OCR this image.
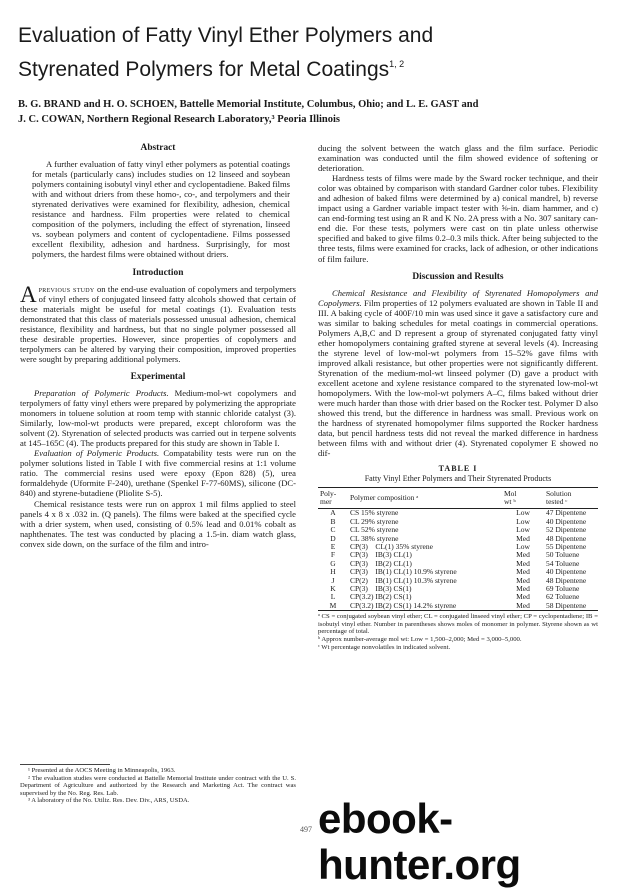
Evaluation of Fatty Vinyl Ether Polymers and
Styrenated Polymers for Metal Coatings$^{1, 2}$
B. G. BRAND and H. O. SCHOEN, Battelle Memorial Institute, Columbus, Ohio; and L. E. GAST and
J. C. COWAN, Northern Regional Research Laboratory,³ Peoria Illinois
Abstract

A further evaluation of fatty vinyl ether polymers as potential coatings for metals (particularly cans) includes studies on 12 linseed and soybean polymers containing isobutyl vinyl ether and cyclopentadiene. Baked films with and without driers from these homo-, co-, and terpolymers and their styrenated derivatives were examined for flexibility, adhesion, chemical resistance and hardness. Film properties were related to chemical composition of the polymers, including the effect of styrenation, linseed vs. soybean polymers and content of cyclopentadiene. Films possessed excellent flexibility, adhesion and hardness. Surprisingly, for most polymers, the hardest films were obtained without driers.

Introduction

Aprevious study on the end-use evaluation of copolymers and terpolymers of vinyl ethers of conjugated linseed fatty alcohols showed that certain of these materials might be useful for metal coatings (1). Evaluation tests demonstrated that this class of materials possessed unusual adhesion, chemical resistance, flexibility and hardness, but that no single polymer possessed all these desirable properties. However, since properties of copolymers and terpolymers can be altered by varying their composition, improved properties were sought by preparing additional polymers.

Experimental

Preparation of Polymeric Products. Medium-mol-wt copolymers and terpolymers of fatty vinyl ethers were prepared by polymerizing the appropriate monomers in toluene solution at room temp with stannic chloride catalyst (3). Similarly, low-mol-wt products were prepared, except chloroform was the solvent (2). Styrenation of selected products was carried out in terpene solvents at 145–165C (4). The products prepared for this study are shown in Table I.

Evaluation of Polymeric Products. Compatability tests were run on the polymer solutions listed in Table I with five commercial resins at 1:1 volume ratio. The commercial resins used were epoxy (Epon 828) (5), urea formaldehyde (Uformite F-240), urethane (Spenkel F-77-60MS), silicone (DC-840) and styrene-butadiene (Pliolite S-5).

Chemical resistance tests were run on approx 1 mil films applied to steel panels 4 x 8 x .032 in. (Q panels). The films were baked at the specified cycle with a drier system, when used, consisting of 0.5% lead and 0.01% cobalt as naphthenates. The test was conducted by placing a 1.5-in. diam watch glass, convex side down, on the surface of the film and intro-

¹ Presented at the AOCS Meeting in Minneapolis, 1963.
² The evaluation studies were conducted at Battelle Memorial Institute under contract with the U. S. Department of Agriculture and authorized by the Research and Marketing Act. The contract was supervised by the No. Reg. Res. Lab.
³ A laboratory of the No. Utiliz. Res. Dev. Div., ARS, USDA.

ducing the solvent between the watch glass and the film surface. Periodic examination was conducted until the film showed evidence of softening or deterioration.

Hardness tests of films were made by the Sward rocker technique, and their color was obtained by comparison with standard Gardner color tubes. Flexibility and adhesion of baked films were determined by a) conical mandrel, b) reverse impact using a Gardner variable impact tester with ⅝-in. diam hammer, and c) can end-forming test using an R and K No. 2A press with a No. 307 sanitary can-end die. For these tests, polymers were cast on tin plate unless otherwise specified and baked to give films 0.2–0.3 mils thick. After being subjected to the three tests, films were examined for cracks, lack of adhesion, or other indications of film failure.

Discussion and Results

Chemical Resistance and Flexibility of Styrenated Homopolymers and Copolymers. Film properties of 12 polymers evaluated are shown in Table II and III. A baking cycle of 400F/10 min was used since it gave a satisfactory cure and was similar to baking schedules for metal coatings in commercial operations. Polymers A,B,C and D represent a group of styrenated conjugated fatty vinyl ether homopolymers containing grafted styrene at several levels (4). Increasing the styrene level of low-mol-wt polymers from 15–52% gave films with improved alkali resistance, but other properties were not significantly different. Styrenation of the medium-mol-wt linseed polymer (D) gave a product with excellent acetone and xylene resistance compared to the styrenated low-mol-wt homopolymers. With the low-mol-wt polymers A–C, films baked without drier were much harder than those with drier based on the Rocker test. Polymer D also showed this trend, but the difference in hardness was small. Previous work on the hardness of styrenated homopolymer films supported the Rocker hardness data, but pencil hardness tests did not reveal the marked difference in hardness between films with and without drier (4). Styrenated copolymer E showed no dif-

TABLE I
Fatty Vinyl Ether Polymers and Their Styrenated Products
Poly-
mer	Polymer composition ᵃ	Mol
wt ᵇ	Solution
tested ᶜ
A	CS 15% styrene	Low	47 Dipentene
B	CL 29% styrene	Low	40 Dipentene
C	CL 52% styrene	Low	52 Dipentene
D	CL 38% styrene	Med	48 Dipentene
E	CP(3)    CL(1) 35% styrene	Low	55 Dipentene
F	CP(3)    IB(3) CL(1)	Med	50 Toluene
G	CP(3)    IB(2) CL(1)	Med	54 Toluene
H	CP(3)    IB(1) CL(1) 10.9% styrene	Med	40 Dipentene
J	CP(2)    IB(1) CL(1) 10.3% styrene	Med	48 Dipentene
K	CP(3)    IB(3) CS(1)	Med	69 Toluene
L	CP(3.2) IB(2) CS(1)	Med	62 Toluene
M	CP(3.2) IB(2) CS(1) 14.2% styrene	Med	58 Dipentene
ᵃ CS = conjugated soybean vinyl ether; CL = conjugated linseed vinyl ether; CP = cyclopentadiene; IB = isobutyl vinyl ether. Number in parentheses shows moles of monomer in polymer. Styrene shown as wt percentage of total.
ᵇ Approx number-average mol wt: Low = 1,500–2,000; Med = 3,000–5,000.
ᶜ Wt percentage nonvolatiles in indicated solvent.
497 ebook-hunter.org
